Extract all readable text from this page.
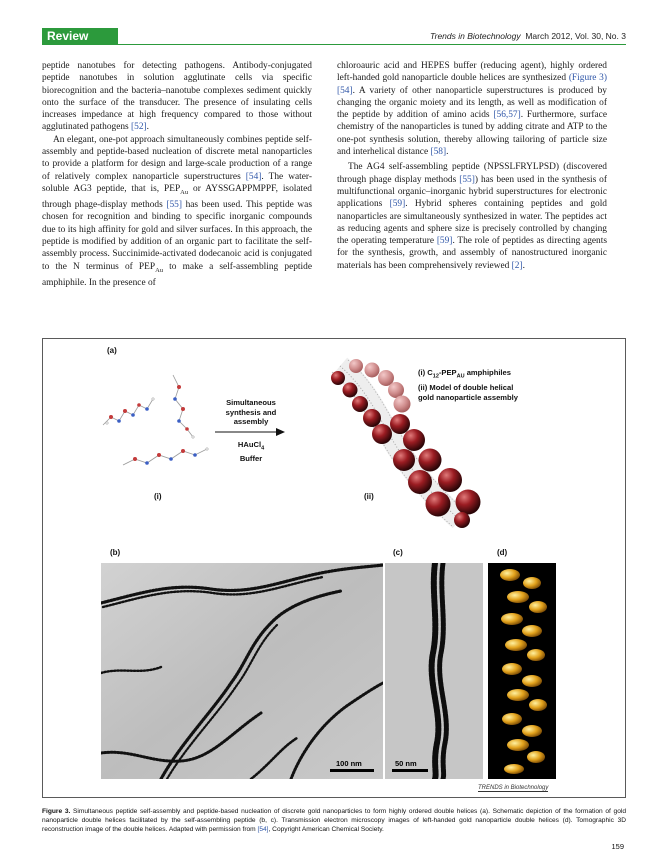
Review	Trends in Biotechnology March 2012, Vol. 30, No. 3

peptide nanotubes for detecting pathogens. Antibody-conjugated peptide nanotubes in solution agglutinate cells via specific biorecognition and the bacteria–nanotube complexes sediment quickly onto the surface of the transducer. The presence of insulating cells increases impedance at high frequency compared to those without agglutinated pathogens [52].

An elegant, one-pot approach simultaneously combines peptide self-assembly and peptide-based nucleation of discrete metal nanoparticles to provide a platform for design and large-scale production of a range of relatively complex nanoparticle superstructures [54]. The water-soluble AG3 peptide, that is, $PEP_{Au}$ or AYSSGAPPMPPF, isolated through phage-display methods [55] has been used. This peptide was chosen for recognition and binding to specific inorganic compounds due to its high affinity for gold and silver surfaces. In this approach, the peptide is modified by addition of an organic part to facilitate the self-assembly process. Succinimide-activated dodecanoic acid is conjugated to the N terminus of $PEP_{Au}$ to make a self-assembling peptide amphiphile. In the presence of

chloroauric acid and HEPES buffer (reducing agent), highly ordered left-handed gold nanoparticle double helices are synthesized (Figure 3) [54]. A variety of other nanoparticle superstructures is produced by changing the organic moiety and its length, as well as modification of the peptide by addition of amino acids [56,57]. Furthermore, surface chemistry of the nanoparticles is tuned by adding citrate and ATP to the one-pot synthesis solution, thereby allowing tailoring of particle size and interhelical distance [58].

The AG4 self-assembling peptide (NPSSLFRYLPSD) (discovered through phage display methods [55]) has been used in the synthesis of multifunctional organic–inorganic hybrid superstructures for electronic applications [59]. Hybrid spheres containing peptides and gold nanoparticles are simultaneously synthesized in water. The peptides act as reducing agents and sphere size is precisely controlled by changing the operating temperature [59]. The role of peptides as directing agents for the synthesis, growth, and assembly of nanostructured inorganic materials has been comprehensively reviewed [2].

(a)
(i)
Simultaneous
synthesis and
assembly
HAuCl$_4$
Buffer
(ii)
(i) $C_{12}-PEP_{AU}$ amphiphiles
(ii) Model of double helical
gold nanoparticle assembly
(b)	(c)	(d)
100 nm	50 nm
TRENDS in Biotechnology
Figure 3. Simultaneous peptide self-assembly and peptide-based nucleation of discrete gold nanoparticles to form highly ordered double helices (a). Schematic depiction of the formation of gold nanoparticle double helices facilitated by the self-assembling peptide (b, c). Transmission electron microscopy images of left-handed gold nanoparticle double helices (d). Tomographic 3D reconstruction image of the double helices. Adapted with permission from [54], Copyright American Chemical Society.
159
